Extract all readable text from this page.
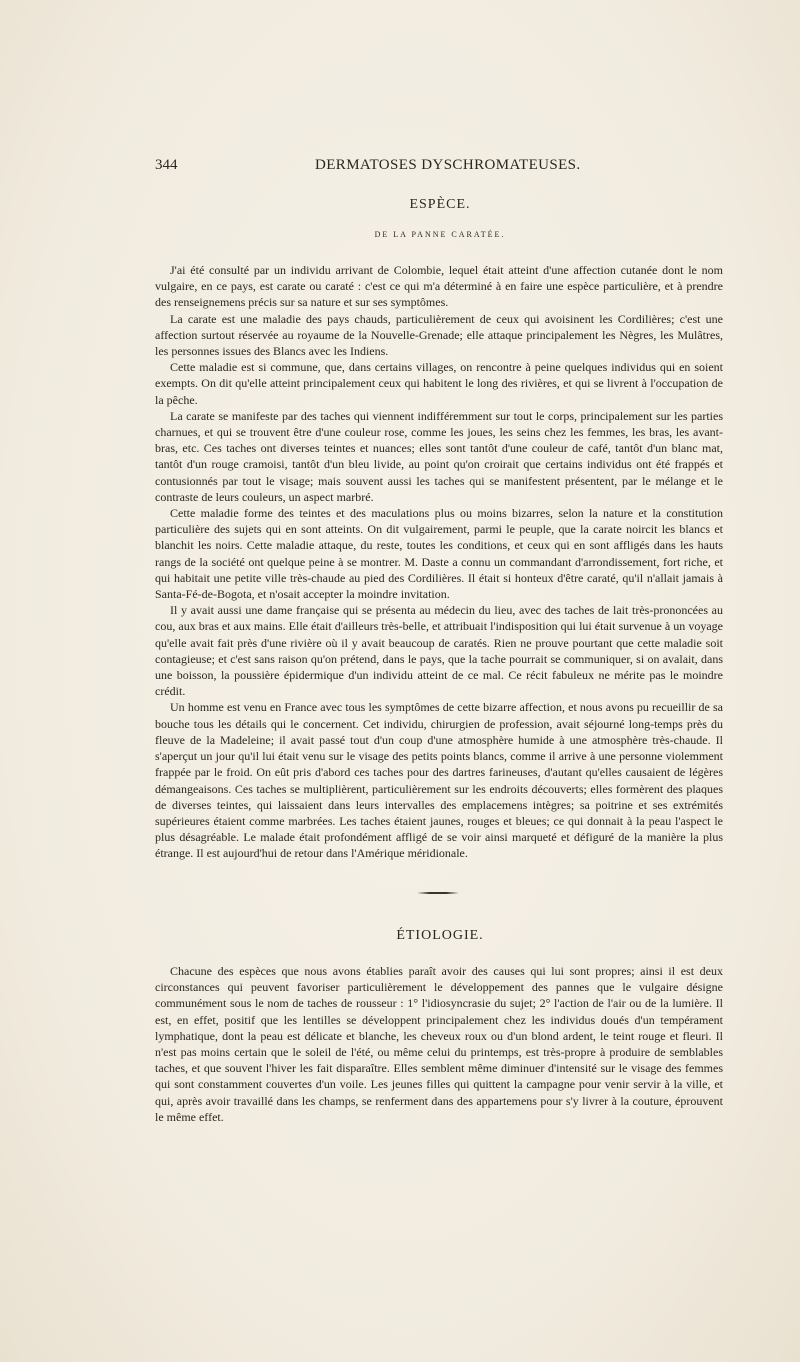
344	DERMATOSES DYSCHROMATEUSES.
ESPÈCE.
DE LA PANNE CARATÉE.

J'ai été consulté par un individu arrivant de Colombie, lequel était atteint d'une affection cutanée dont le nom vulgaire, en ce pays, est carate ou caraté : c'est ce qui m'a déterminé à en faire une espèce particulière, et à prendre des renseignemens précis sur sa nature et sur ses symptômes.

La carate est une maladie des pays chauds, particulièrement de ceux qui avoisinent les Cordilières; c'est une affection surtout réservée au royaume de la Nouvelle-Grenade; elle attaque principalement les Nègres, les Mulâtres, les personnes issues des Blancs avec les Indiens.

Cette maladie est si commune, que, dans certains villages, on rencontre à peine quelques individus qui en soient exempts. On dit qu'elle atteint principalement ceux qui habitent le long des rivières, et qui se livrent à l'occupation de la pêche.

La carate se manifeste par des taches qui viennent indifféremment sur tout le corps, principalement sur les parties charnues, et qui se trouvent être d'une couleur rose, comme les joues, les seins chez les femmes, les bras, les avant-bras, etc. Ces taches ont diverses teintes et nuances; elles sont tantôt d'une couleur de café, tantôt d'un blanc mat, tantôt d'un rouge cramoisi, tantôt d'un bleu livide, au point qu'on croirait que certains individus ont été frappés et contusionnés par tout le visage; mais souvent aussi les taches qui se manifestent présentent, par le mélange et le contraste de leurs couleurs, un aspect marbré.

Cette maladie forme des teintes et des maculations plus ou moins bizarres, selon la nature et la constitution particulière des sujets qui en sont atteints. On dit vulgairement, parmi le peuple, que la carate noircit les blancs et blanchit les noirs. Cette maladie attaque, du reste, toutes les conditions, et ceux qui en sont affligés dans les hauts rangs de la société ont quelque peine à se montrer. M. Daste a connu un commandant d'arrondissement, fort riche, et qui habitait une petite ville très-chaude au pied des Cordilières. Il était si honteux d'être caraté, qu'il n'allait jamais à Santa-Fé-de-Bogota, et n'osait accepter la moindre invitation.

Il y avait aussi une dame française qui se présenta au médecin du lieu, avec des taches de lait très-prononcées au cou, aux bras et aux mains. Elle était d'ailleurs très-belle, et attribuait l'indisposition qui lui était survenue à un voyage qu'elle avait fait près d'une rivière où il y avait beaucoup de caratés. Rien ne prouve pourtant que cette maladie soit contagieuse; et c'est sans raison qu'on prétend, dans le pays, que la tache pourrait se communiquer, si on avalait, dans une boisson, la poussière épidermique d'un individu atteint de ce mal. Ce récit fabuleux ne mérite pas le moindre crédit.

Un homme est venu en France avec tous les symptômes de cette bizarre affection, et nous avons pu recueillir de sa bouche tous les détails qui le concernent. Cet individu, chirurgien de profession, avait séjourné long-temps près du fleuve de la Madeleine; il avait passé tout d'un coup d'une atmosphère humide à une atmosphère très-chaude. Il s'aperçut un jour qu'il lui était venu sur le visage des petits points blancs, comme il arrive à une personne violemment frappée par le froid. On eût pris d'abord ces taches pour des dartres farineuses, d'autant qu'elles causaient de légères démangeaisons. Ces taches se multiplièrent, particulièrement sur les endroits découverts; elles formèrent des plaques de diverses teintes, qui laissaient dans leurs intervalles des emplacemens intègres; sa poitrine et ses extrémités supérieures étaient comme marbrées. Les taches étaient jaunes, rouges et bleues; ce qui donnait à la peau l'aspect le plus désagréable. Le malade était profondément affligé de se voir ainsi marqueté et défiguré de la manière la plus étrange. Il est aujourd'hui de retour dans l'Amérique méridionale.

ÉTIOLOGIE.

Chacune des espèces que nous avons établies paraît avoir des causes qui lui sont propres; ainsi il est deux circonstances qui peuvent favoriser particulièrement le développement des pannes que le vulgaire désigne communément sous le nom de taches de rousseur : 1° l'idiosyncrasie du sujet; 2° l'action de l'air ou de la lumière. Il est, en effet, positif que les lentilles se développent principalement chez les individus doués d'un tempérament lymphatique, dont la peau est délicate et blanche, les cheveux roux ou d'un blond ardent, le teint rouge et fleuri. Il n'est pas moins certain que le soleil de l'été, ou même celui du printemps, est très-propre à produire de semblables taches, et que souvent l'hiver les fait disparaître. Elles semblent même diminuer d'intensité sur le visage des femmes qui sont constamment couvertes d'un voile. Les jeunes filles qui quittent la campagne pour venir servir à la ville, et qui, après avoir travaillé dans les champs, se renferment dans des appartemens pour s'y livrer à la couture, éprouvent le même effet.
